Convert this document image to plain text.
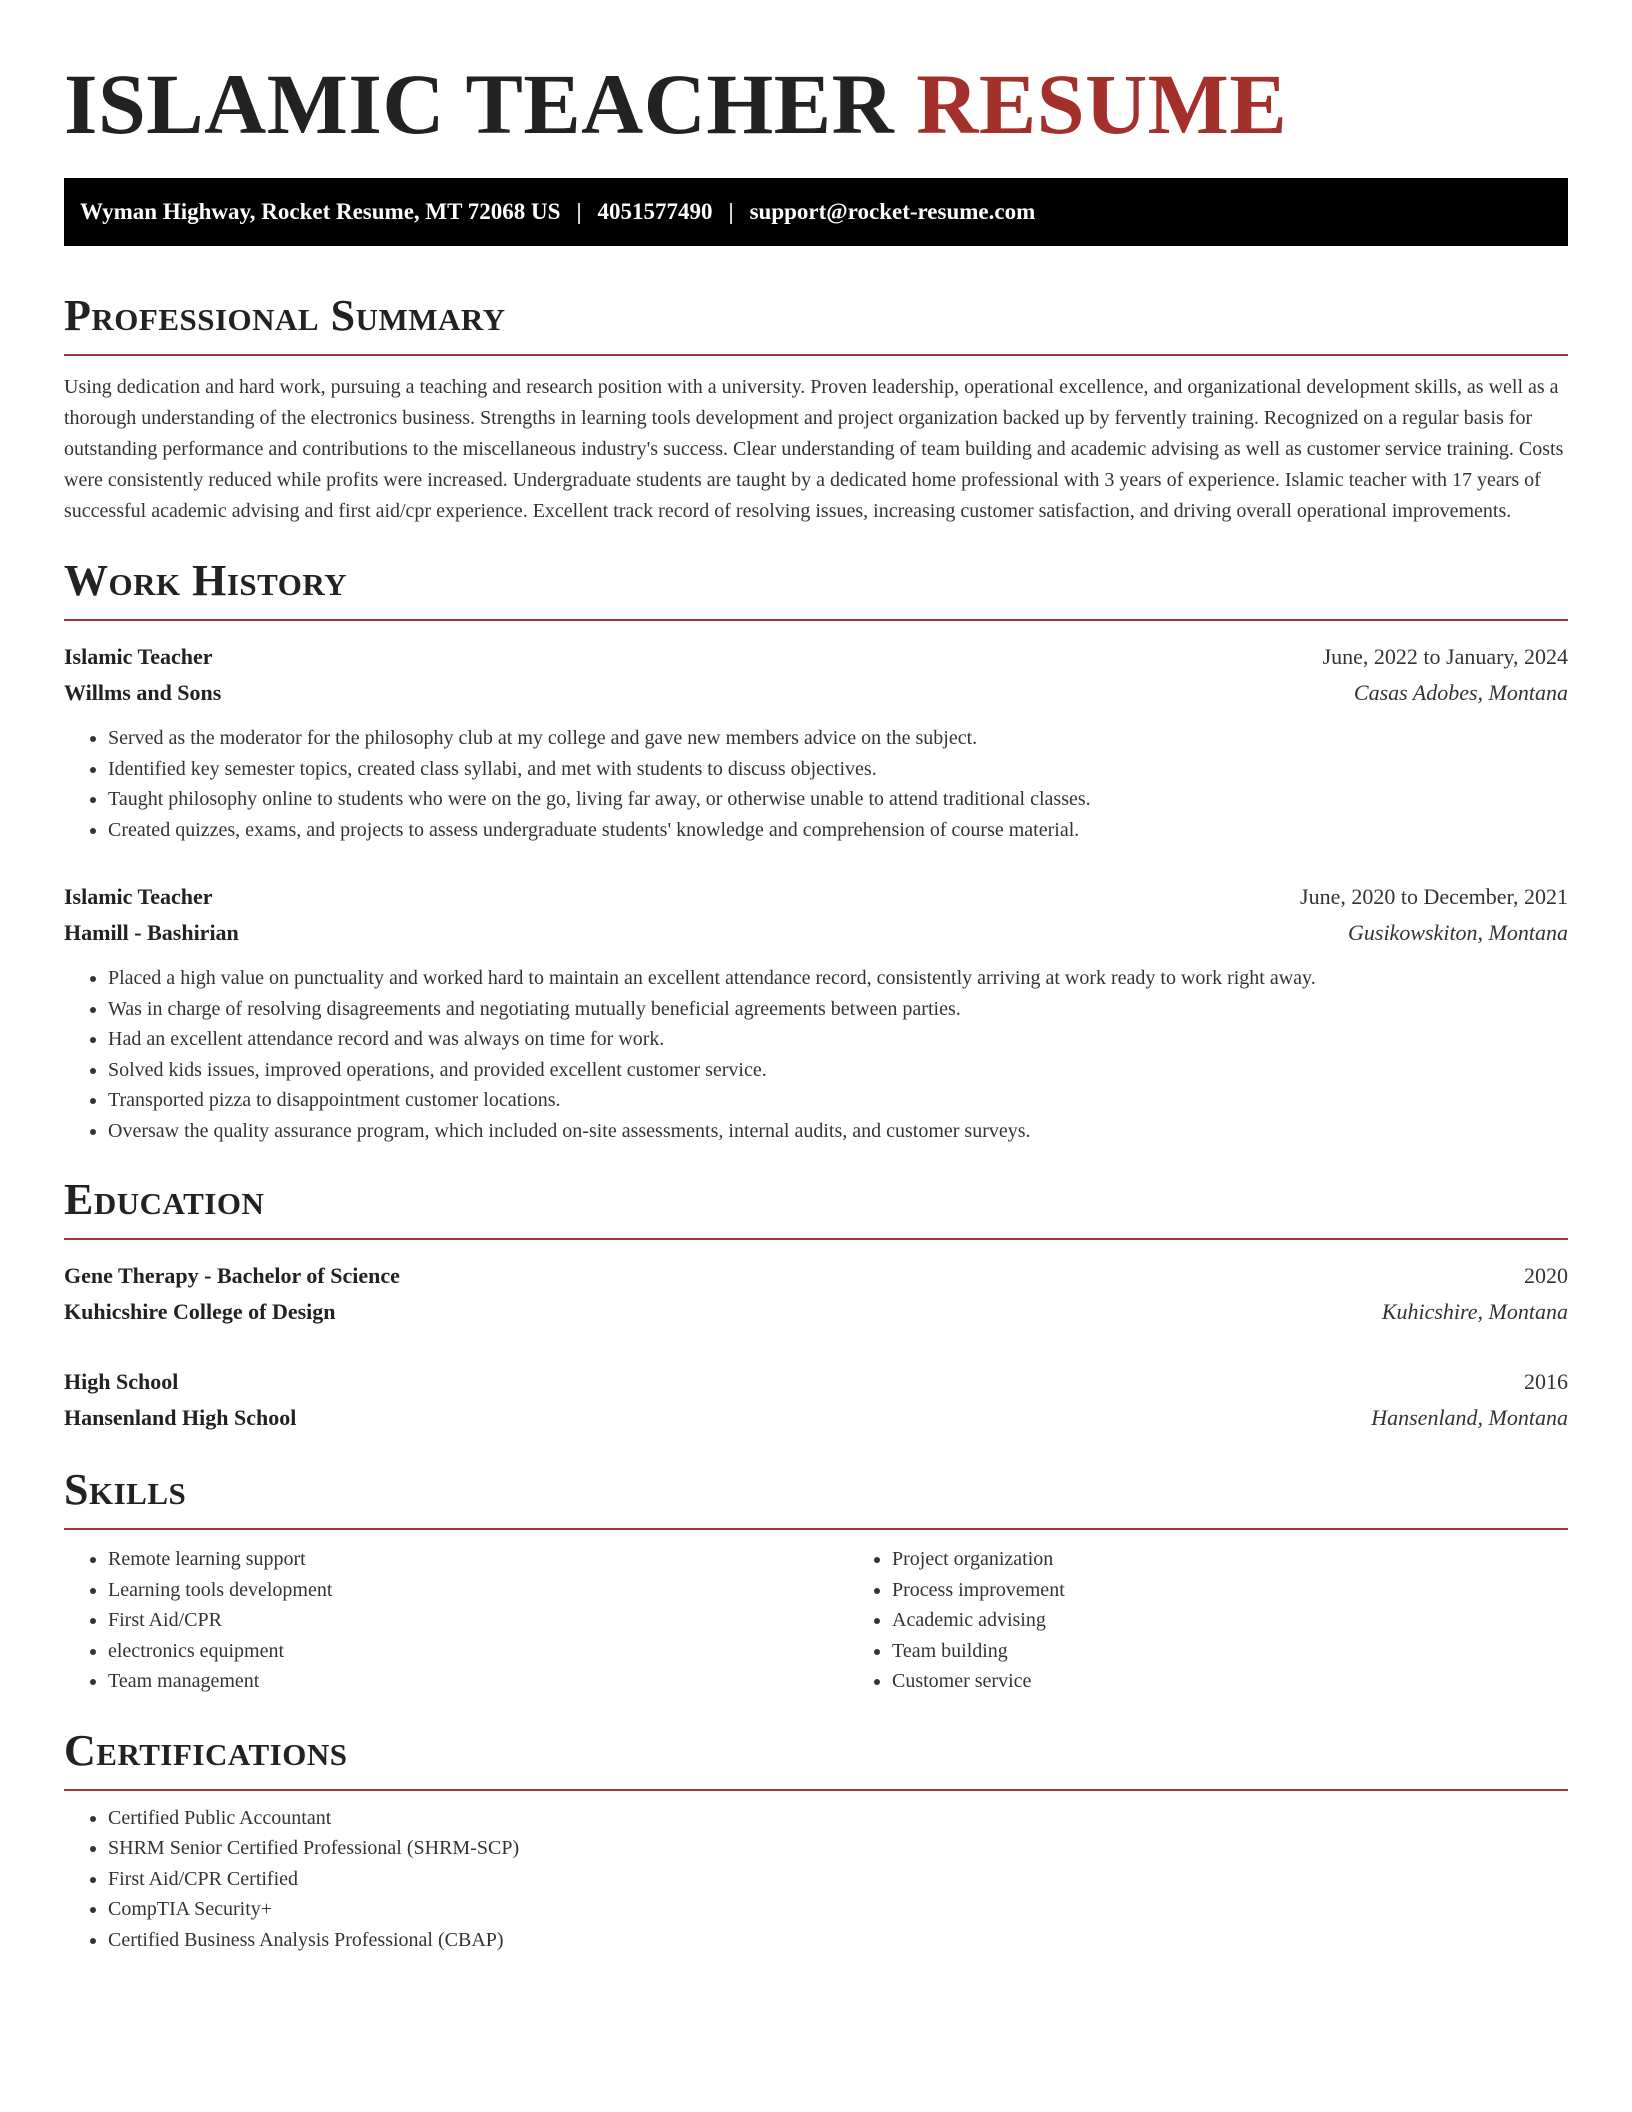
ISLAMIC TEACHER RESUME
Wyman Highway, Rocket Resume, MT 72068 US | 4051577490 | support@rocket-resume.com
Professional Summary

Using dedication and hard work, pursuing a teaching and research position with a university. Proven leadership, operational excellence, and organizational development skills, as well as a thorough understanding of the electronics business. Strengths in learning tools development and project organization backed up by fervently training. Recognized on a regular basis for outstanding performance and contributions to the miscellaneous industry's success. Clear understanding of team building and academic advising as well as customer service training. Costs were consistently reduced while profits were increased. Undergraduate students are taught by a dedicated home professional with 3 years of experience. Islamic teacher with 17 years of successful academic advising and first aid/cpr experience. Excellent track record of resolving issues, increasing customer satisfaction, and driving overall operational improvements.

Work History
Islamic Teacher	June, 2022 to January, 2024
Willms and Sons	Casas Adobes, Montana
• Served as the moderator for the philosophy club at my college and gave new members advice on the subject.
• Identified key semester topics, created class syllabi, and met with students to discuss objectives.
• Taught philosophy online to students who were on the go, living far away, or otherwise unable to attend traditional classes.
• Created quizzes, exams, and projects to assess undergraduate students' knowledge and comprehension of course material.
Islamic Teacher	June, 2020 to December, 2021
Hamill - Bashirian	Gusikowskiton, Montana
• Placed a high value on punctuality and worked hard to maintain an excellent attendance record, consistently arriving at work ready to work right away.
• Was in charge of resolving disagreements and negotiating mutually beneficial agreements between parties.
• Had an excellent attendance record and was always on time for work.
• Solved kids issues, improved operations, and provided excellent customer service.
• Transported pizza to disappointment customer locations.
• Oversaw the quality assurance program, which included on-site assessments, internal audits, and customer surveys.
Education
Gene Therapy - Bachelor of Science	2020
Kuhicshire College of Design	Kuhicshire, Montana
High School	2016
Hansenland High School	Hansenland, Montana
Skills
• Remote learning support
• Learning tools development
• First Aid/CPR
• electronics equipment
• Team management
• Project organization
• Process improvement
• Academic advising
• Team building
• Customer service
Certifications
• Certified Public Accountant
• SHRM Senior Certified Professional (SHRM-SCP)
• First Aid/CPR Certified
• CompTIA Security+
• Certified Business Analysis Professional (CBAP)
